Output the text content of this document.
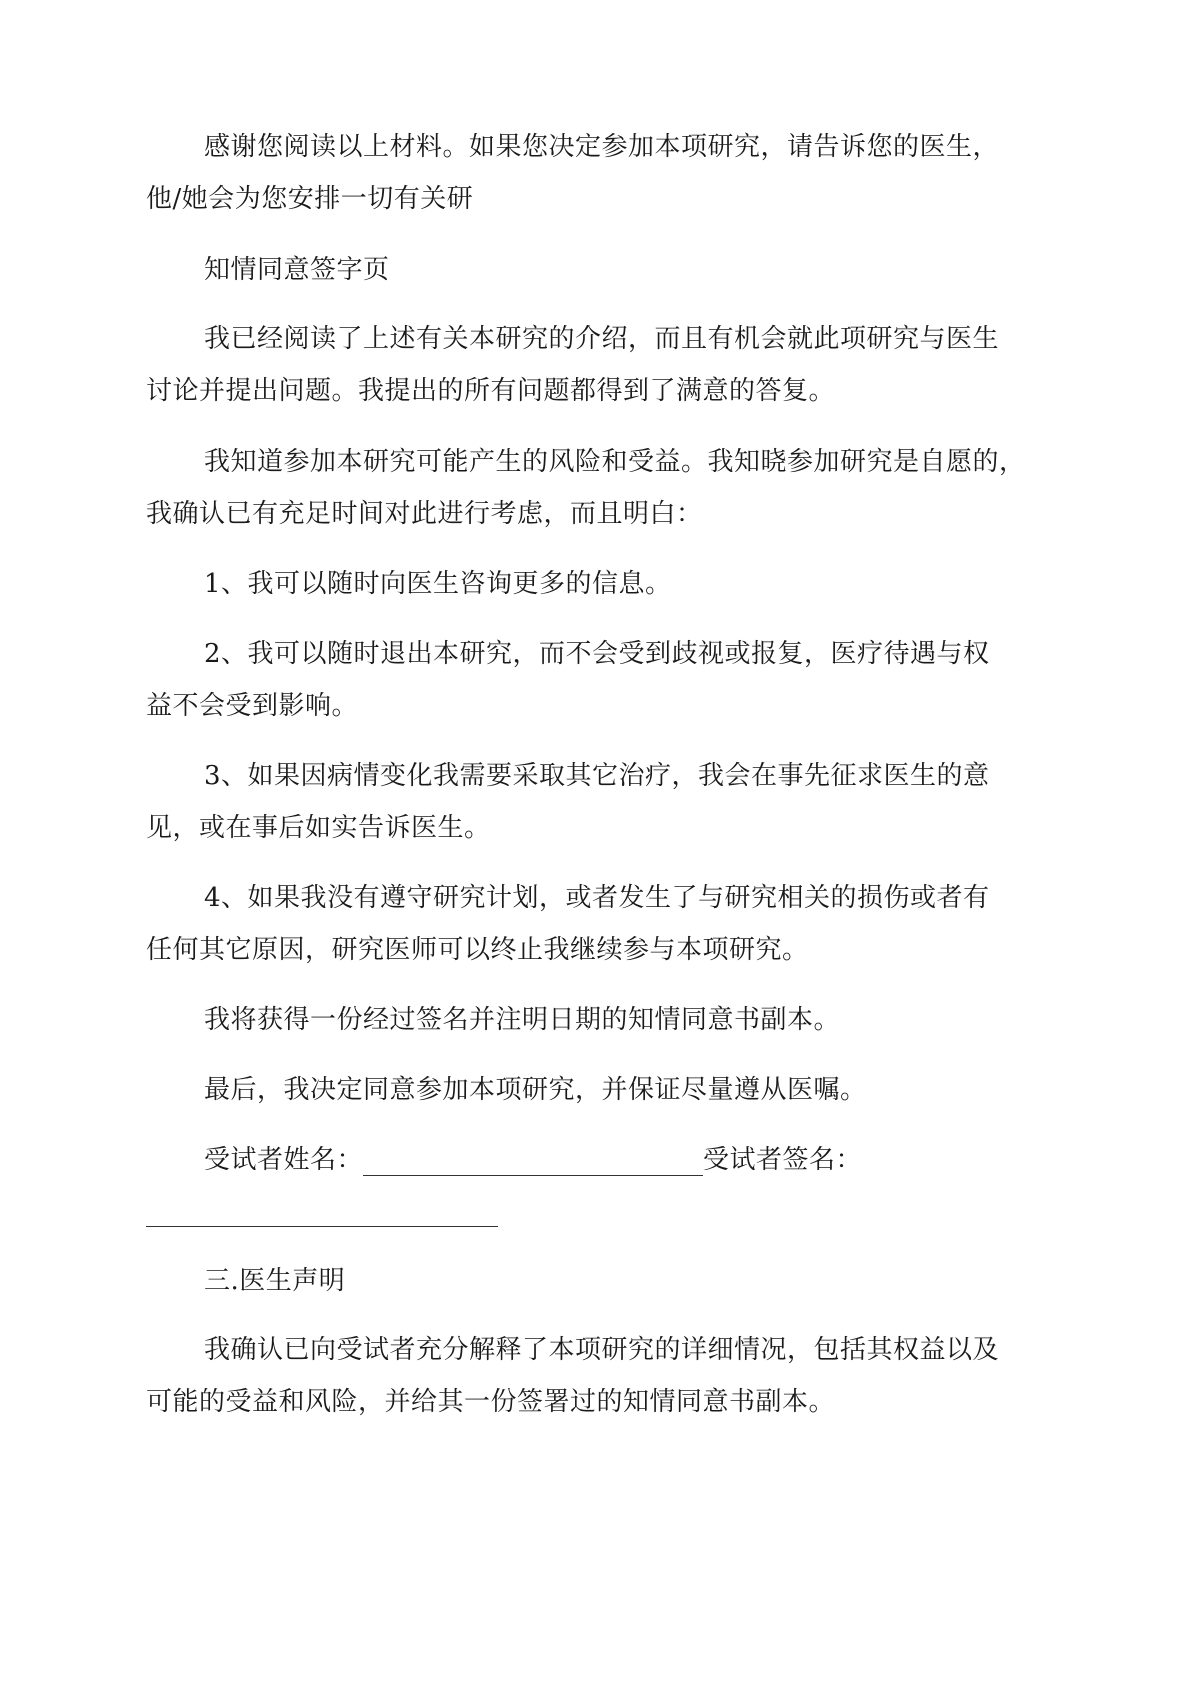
感谢您阅读以上材料。如果您决定参加本项研究，请告诉您的医生，
他/她会为您安排一切有关研
知情同意签字页
我已经阅读了上述有关本研究的介绍，而且有机会就此项研究与医生
讨论并提出问题。我提出的所有问题都得到了满意的答复。
我知道参加本研究可能产生的风险和受益。我知晓参加研究是自愿的，
我确认已有充足时间对此进行考虑，而且明白：
1、我可以随时向医生咨询更多的信息。
2、我可以随时退出本研究，而不会受到歧视或报复，医疗待遇与权
益不会受到影响。
3、如果因病情变化我需要采取其它治疗，我会在事先征求医生的意
见，或在事后如实告诉医生。
4、如果我没有遵守研究计划，或者发生了与研究相关的损伤或者有
任何其它原因，研究医师可以终止我继续参与本项研究。
我将获得一份经过签名并注明日期的知情同意书副本。
最后，我决定同意参加本项研究，并保证尽量遵从医嘱。
受试者姓名：	受试者签名：
三.医生声明
我确认已向受试者充分解释了本项研究的详细情况，包括其权益以及
可能的受益和风险，并给其一份签署过的知情同意书副本。
